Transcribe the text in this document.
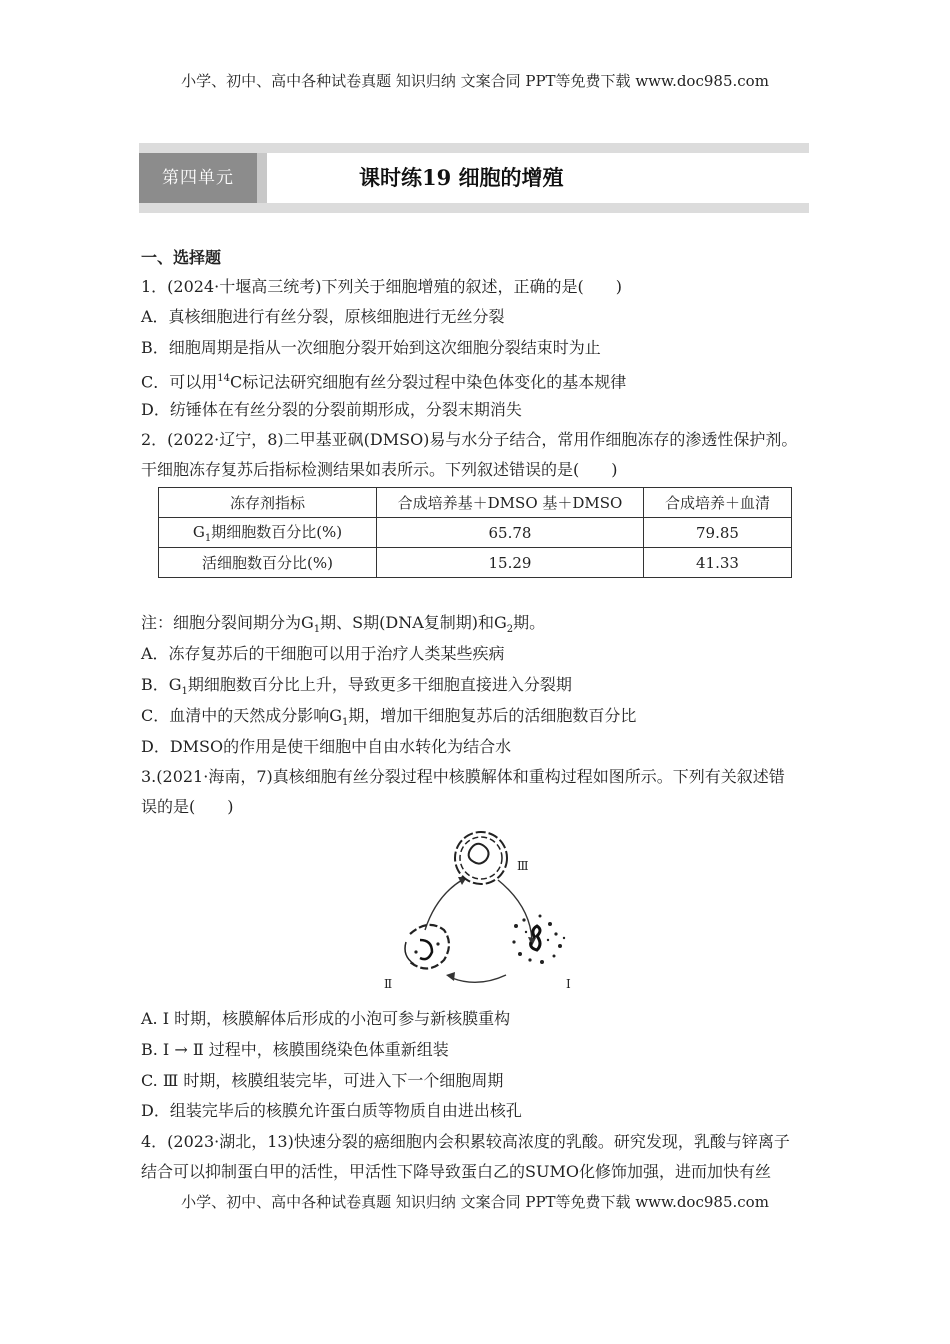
小学、初中、高中各种试卷真题 知识归纳 文案合同 PPT等免费下载 www.doc985.com
第四单元	课时练19 细胞的增殖
一、选择题
1．(2024·十堰高三统考)下列关于细胞增殖的叙述，正确的是(　　)
A．真核细胞进行有丝分裂，原核细胞进行无丝分裂
B．细胞周期是指从一次细胞分裂开始到这次细胞分裂结束时为止
C．可以用$^{14}$C标记法研究细胞有丝分裂过程中染色体变化的基本规律
D．纺锤体在有丝分裂的分裂前期形成，分裂末期消失
2．(2022·辽宁，8)二甲基亚砜(DMSO)易与水分子结合，常用作细胞冻存的渗透性保护剂。
干细胞冻存复苏后指标检测结果如表所示。下列叙述错误的是(　　)
冻存剂指标	合成培养基＋DMSO 基＋DMSO	合成培养＋血清
$G_1$期细胞数百分比(%)	65.78	79.85
活细胞数百分比(%)	15.29	41.33
注：细胞分裂间期分为$G_1$期、S期(DNA复制期)和$G_2$期。
A．冻存复苏后的干细胞可以用于治疗人类某些疾病
B．$G_1$期细胞数百分比上升，导致更多干细胞直接进入分裂期
C．血清中的天然成分影响$G_1$期，增加干细胞复苏后的活细胞数百分比
D．DMSO的作用是使干细胞中自由水转化为结合水
3.(2021·海南，7)真核细胞有丝分裂过程中核膜解体和重构过程如图所示。下列有关叙述错
误的是(　　)
Ⅲ
Ⅰ
Ⅱ
A. Ⅰ 时期，核膜解体后形成的小泡可参与新核膜重构
B. Ⅰ → Ⅱ 过程中，核膜围绕染色体重新组装
C. Ⅲ 时期，核膜组装完毕，可进入下一个细胞周期
D．组装完毕后的核膜允许蛋白质等物质自由进出核孔
4．(2023·湖北，13)快速分裂的癌细胞内会积累较高浓度的乳酸。研究发现，乳酸与锌离子
结合可以抑制蛋白甲的活性，甲活性下降导致蛋白乙的SUMO化修饰加强，进而加快有丝
小学、初中、高中各种试卷真题 知识归纳 文案合同 PPT等免费下载 www.doc985.com
